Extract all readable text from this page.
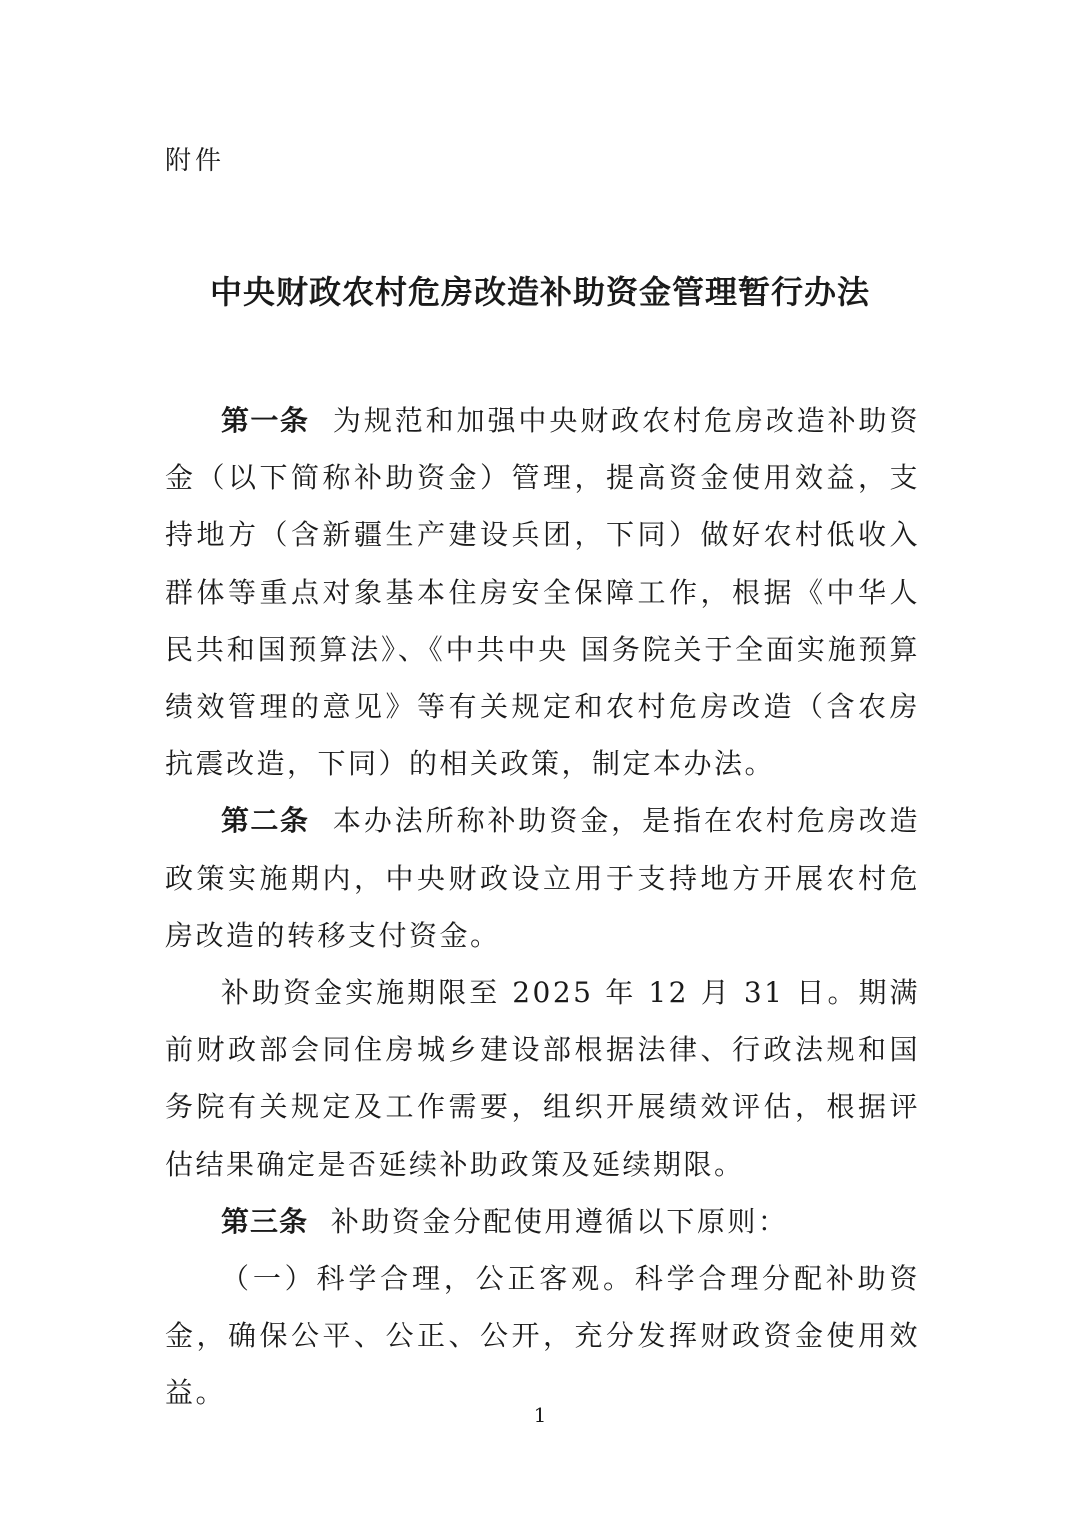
附件
中央财政农村危房改造补助资金管理暂行办法

第一条 为规范和加强中央财政农村危房改造补助资金（以下简称补助资金）管理，提高资金使用效益，支持地方（含新疆生产建设兵团，下同）做好农村低收入群体等重点对象基本住房安全保障工作，根据《中华人民共和国预算法》、《中共中央 国务院关于全面实施预算绩效管理的意见》等有关规定和农村危房改造（含农房抗震改造，下同）的相关政策，制定本办法。

第二条 本办法所称补助资金，是指在农村危房改造政策实施期内，中央财政设立用于支持地方开展农村危房改造的转移支付资金。

补助资金实施期限至 2025 年 12 月 31 日。期满前财政部会同住房城乡建设部根据法律、行政法规和国务院有关规定及工作需要，组织开展绩效评估，根据评估结果确定是否延续补助政策及延续期限。

第三条 补助资金分配使用遵循以下原则：

（一）科学合理，公正客观。科学合理分配补助资金，确保公平、公正、公开，充分发挥财政资金使用效益。

1
